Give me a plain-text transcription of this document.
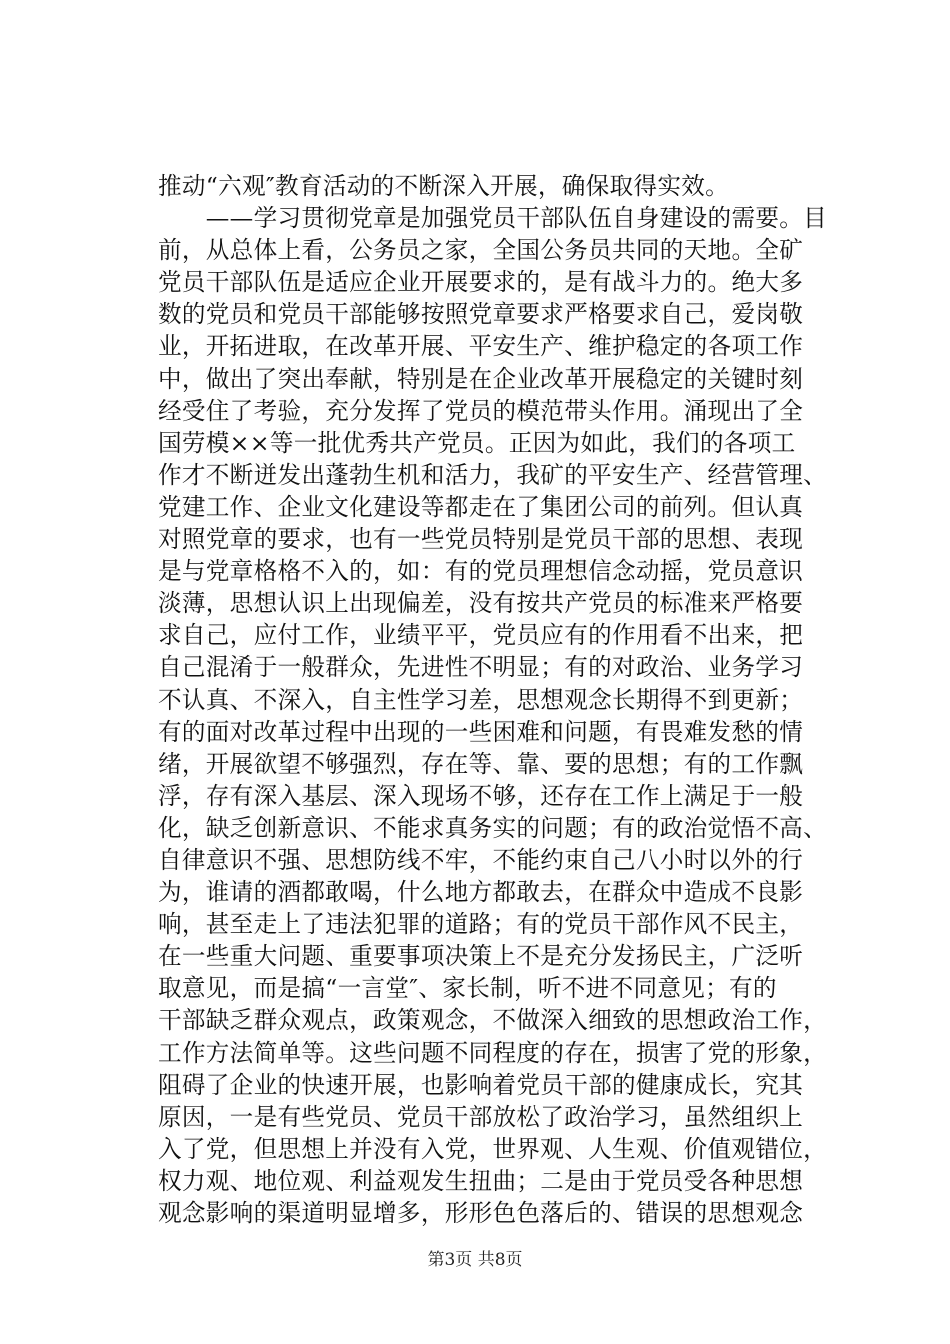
推动“六观″教育活动的不断深入开展，确保取得实效。
　　——学习贯彻党章是加强党员干部队伍自身建设的需要。目
前，从总体上看，公务员之家，全国公务员共同的天地。全矿
党员干部队伍是适应企业开展要求的，是有战斗力的。绝大多
数的党员和党员干部能够按照党章要求严格要求自己，爱岗敬
业，开拓进取，在改革开展、平安生产、维护稳定的各项工作
中，做出了突出奉献，特别是在企业改革开展稳定的关键时刻
经受住了考验，充分发挥了党员的模范带头作用。涌现出了全
国劳模××等一批优秀共产党员。正因为如此，我们的各项工
作才不断迸发出蓬勃生机和活力，我矿的平安生产、经营管理、
党建工作、企业文化建设等都走在了集团公司的前列。但认真
对照党章的要求，也有一些党员特别是党员干部的思想、表现
是与党章格格不入的，如：有的党员理想信念动摇，党员意识
淡薄，思想认识上出现偏差，没有按共产党员的标准来严格要
求自己，应付工作，业绩平平，党员应有的作用看不出来，把
自己混淆于一般群众，先进性不明显；有的对政治、业务学习
不认真、不深入，自主性学习差，思想观念长期得不到更新；
有的面对改革过程中出现的一些困难和问题，有畏难发愁的情
绪，开展欲望不够强烈，存在等、靠、要的思想；有的工作飘
浮，存有深入基层、深入现场不够，还存在工作上满足于一般
化，缺乏创新意识、不能求真务实的问题；有的政治觉悟不高、
自律意识不强、思想防线不牢，不能约束自己八小时以外的行
为，谁请的酒都敢喝，什么地方都敢去，在群众中造成不良影
响，甚至走上了违法犯罪的道路；有的党员干部作风不民主，
在一些重大问题、重要事项决策上不是充分发扬民主，广泛听
取意见，而是搞“一言堂″、家长制，听不进不同意见；有的
干部缺乏群众观点，政策观念，不做深入细致的思想政治工作，
工作方法简单等。这些问题不同程度的存在，损害了党的形象，
阻碍了企业的快速开展，也影响着党员干部的健康成长，究其
原因，一是有些党员、党员干部放松了政治学习，虽然组织上
入了党，但思想上并没有入党，世界观、人生观、价值观错位，
权力观、地位观、利益观发生扭曲；二是由于党员受各种思想
观念影响的渠道明显增多，形形色色落后的、错误的思想观念
第3页 共8页
